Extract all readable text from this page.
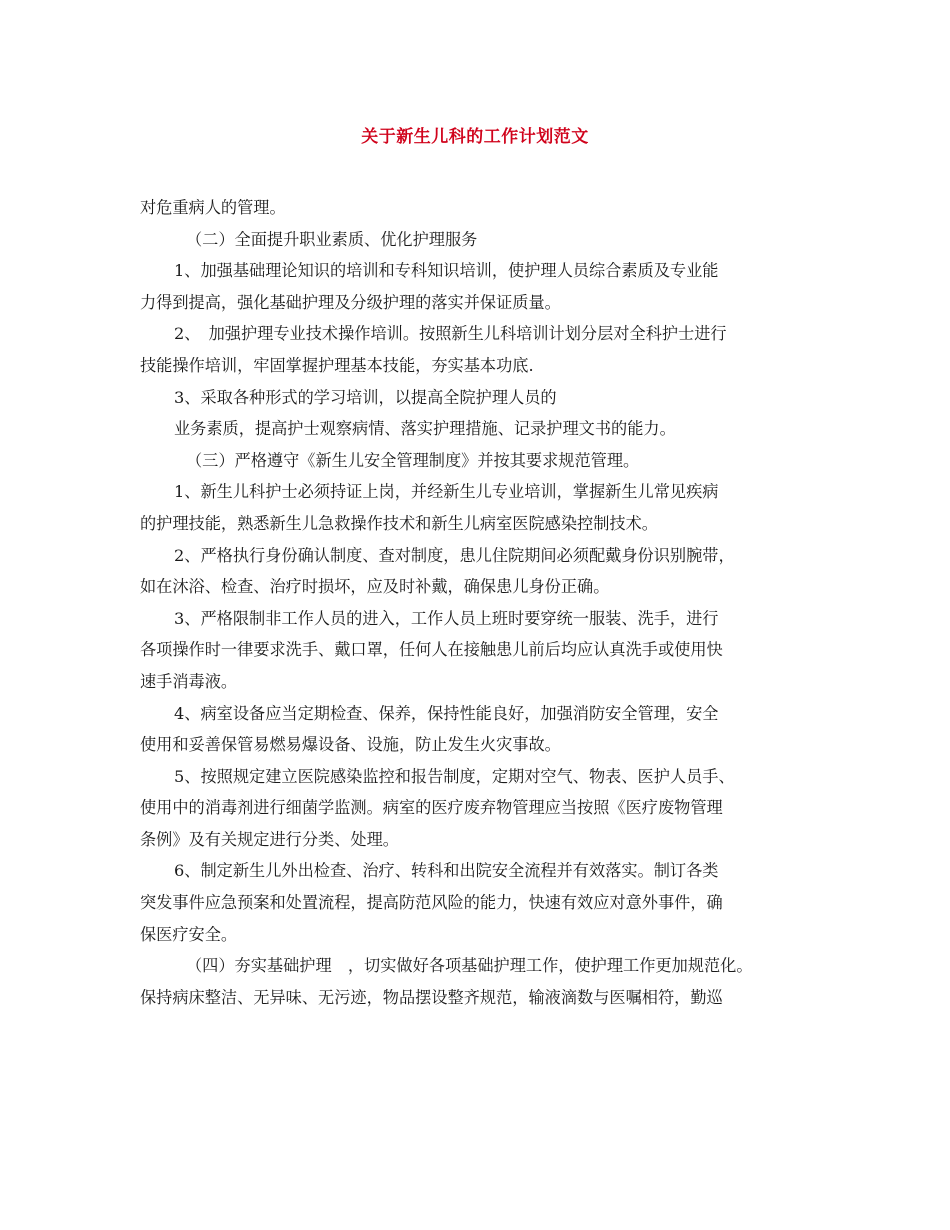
关于新生儿科的工作计划范文
对危重病人的管理。
（二）全面提升职业素质、优化护理服务
1、加强基础理论知识的培训和专科知识培训，使护理人员综合素质及专业能
力得到提高，强化基础护理及分级护理的落实并保证质量。
2、　加强护理专业技术操作培训。按照新生儿科培训计划分层对全科护士进行
技能操作培训，牢固掌握护理基本技能，夯实基本功底.
3、采取各种形式的学习培训，以提高全院护理人员的
业务素质，提高护士观察病情、落实护理措施、记录护理文书的能力。
（三）严格遵守《新生儿安全管理制度》并按其要求规范管理。
1、新生儿科护士必须持证上岗，并经新生儿专业培训，掌握新生儿常见疾病
的护理技能，熟悉新生儿急救操作技术和新生儿病室医院感染控制技术。
2、严格执行身份确认制度、查对制度，患儿住院期间必须配戴身份识别腕带，
如在沐浴、检查、治疗时损坏，应及时补戴，确保患儿身份正确。
3、严格限制非工作人员的进入，工作人员上班时要穿统一服装、洗手，进行
各项操作时一律要求洗手、戴口罩，任何人在接触患儿前后均应认真洗手或使用快
速手消毒液。
4、病室设备应当定期检查、保养，保持性能良好，加强消防安全管理，安全
使用和妥善保管易燃易爆设备、设施，防止发生火灾事故。
5、按照规定建立医院感染监控和报告制度，定期对空气、物表、医护人员手、
使用中的消毒剂进行细菌学监测。病室的医疗废弃物管理应当按照《医疗废物管理
条例》及有关规定进行分类、处理。
6、制定新生儿外出检查、治疗、转科和出院安全流程并有效落实。制订各类
突发事件应急预案和处置流程，提高防范风险的能力，快速有效应对意外事件，确
保医疗安全。
（四）夯实基础护理　，切实做好各项基础护理工作，使护理工作更加规范化。
保持病床整洁、无异味、无污迹，物品摆设整齐规范，输液滴数与医嘱相符，勤巡
